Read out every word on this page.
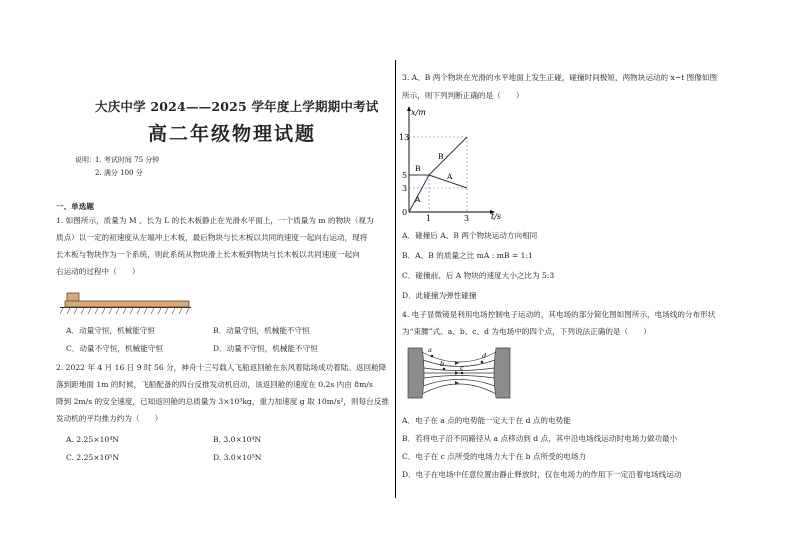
大庆中学 2024——2025 学年度上学期期中考试
高二年级物理试题
说明： 1. 考试时间 75 分钟
2. 满分 100 分
一、单选题
1. 如图所示，质量为 M 、长为 L 的长木板静止在光滑水平面上，一个质量为 m 的物块（视为
质点）以一定的初速度从左端冲上木板，最后物块与长木板以共同的速度一起向右运动，现将
长木板与物块作为一个系统，则此系统从物块滑上长木板到物块与长木板以共同速度一起向
右运动的过程中（　　）
A．动量守恒，机械能守恒	B．动量守恒，机械能不守恒
C．动量不守恒，机械能守恒	D．动量不守恒，机械能不守恒
2. 2022 年 4 月 16 日 9 时 56 分，神舟十三号载人飞船返回舱在东风着陆场成功着陆。返回舱降
落到距地面 1m 的时候，飞船配备的四台反推发动机启动，该返回舱的速度在 0.2s 内由 8m/s
降到 2m/s 的安全速度，已知返回舱的总质量为 3×10³kg，重力加速度 g 取 10m/s²，则每台反推
发动机的平均推力约为（　　）
A. 2.25×10⁴N	B. 3.0×10⁴N
C. 2.25×10⁵N	D. 3.0×10⁵N
3. A、B 两个物块在光滑的水平地面上发生正碰，碰撞时间极短，两物块运动的 x−t 图像如图
所示，则下列判断正确的是（　　）
x/m
t/s
13
5
3
0
1	3
B
A
B
A
A．碰撞后 A、B 两个物块运动方向相同
B．A、B 的质量之比 mA : mB = 1:1
C．碰撞前、后 A 物块的速度大小之比为 5:3
D．此碰撞为弹性碰撞
4. 电子显微镜是利用电场控制电子运动的，其电场的部分简化图如图所示，电场线的分布形状
为“束腰”式。a、b、c、d 为电场中的四个点，下列说法正确的是（　　）
a
b c
d
A．电子在 a 点的电势能一定大于在 d 点的电势能
B．若将电子沿不同路径从 a 点移动到 d 点，其中沿电场线运动时电场力做功最小
C．电子在 c 点所受的电场力大于在 b 点所受的电场力
D．电子在电场中任意位置由静止释放时，仅在电场力的作用下一定沿着电场线运动
